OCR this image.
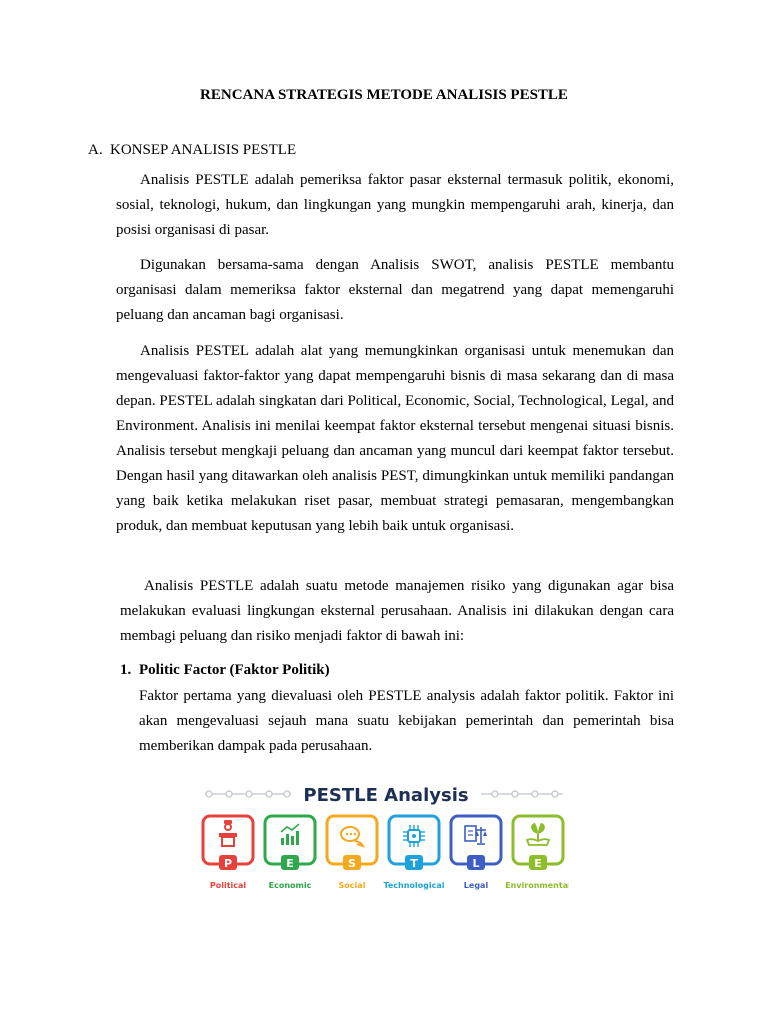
RENCANA STRATEGIS METODE ANALISIS PESTLE
A. KONSEP ANALISIS PESTLE

Analisis PESTLE adalah pemeriksa faktor pasar eksternal termasuk politik, ekonomi, sosial, teknologi, hukum, dan lingkungan yang mungkin mempengaruhi arah, kinerja, dan posisi organisasi di pasar.

Digunakan bersama-sama dengan Analisis SWOT, analisis PESTLE membantu organisasi dalam memeriksa faktor eksternal dan megatrend yang dapat memengaruhi peluang dan ancaman bagi organisasi.

Analisis PESTEL adalah alat yang memungkinkan organisasi untuk menemukan dan mengevaluasi faktor-faktor yang dapat mempengaruhi bisnis di masa sekarang dan di masa depan. PESTEL adalah singkatan dari Political, Economic, Social, Technological, Legal, and Environment. Analisis ini menilai keempat faktor eksternal tersebut mengenai situasi bisnis. Analisis tersebut mengkaji peluang dan ancaman yang muncul dari keempat faktor tersebut. Dengan hasil yang ditawarkan oleh analisis PEST, dimungkinkan untuk memiliki pandangan yang baik ketika melakukan riset pasar, membuat strategi pemasaran, mengembangkan produk, dan membuat keputusan yang lebih baik untuk organisasi.

Analisis PESTLE adalah suatu metode manajemen risiko yang digunakan agar bisa melakukan evaluasi lingkungan eksternal perusahaan. Analisis ini dilakukan dengan cara membagi peluang dan risiko menjadi faktor di bawah ini:

1. Politic Factor (Faktor Politik)

Faktor pertama yang dievaluasi oleh PESTLE analysis adalah faktor politik. Faktor ini akan mengevaluasi sejauh mana suatu kebijakan pemerintah dan pemerintah bisa memberikan dampak pada perusahaan.

PESTLE Analysis
P
Political
E
Economic
S
Social
T
Technological
L
Legal
E
Environmental
